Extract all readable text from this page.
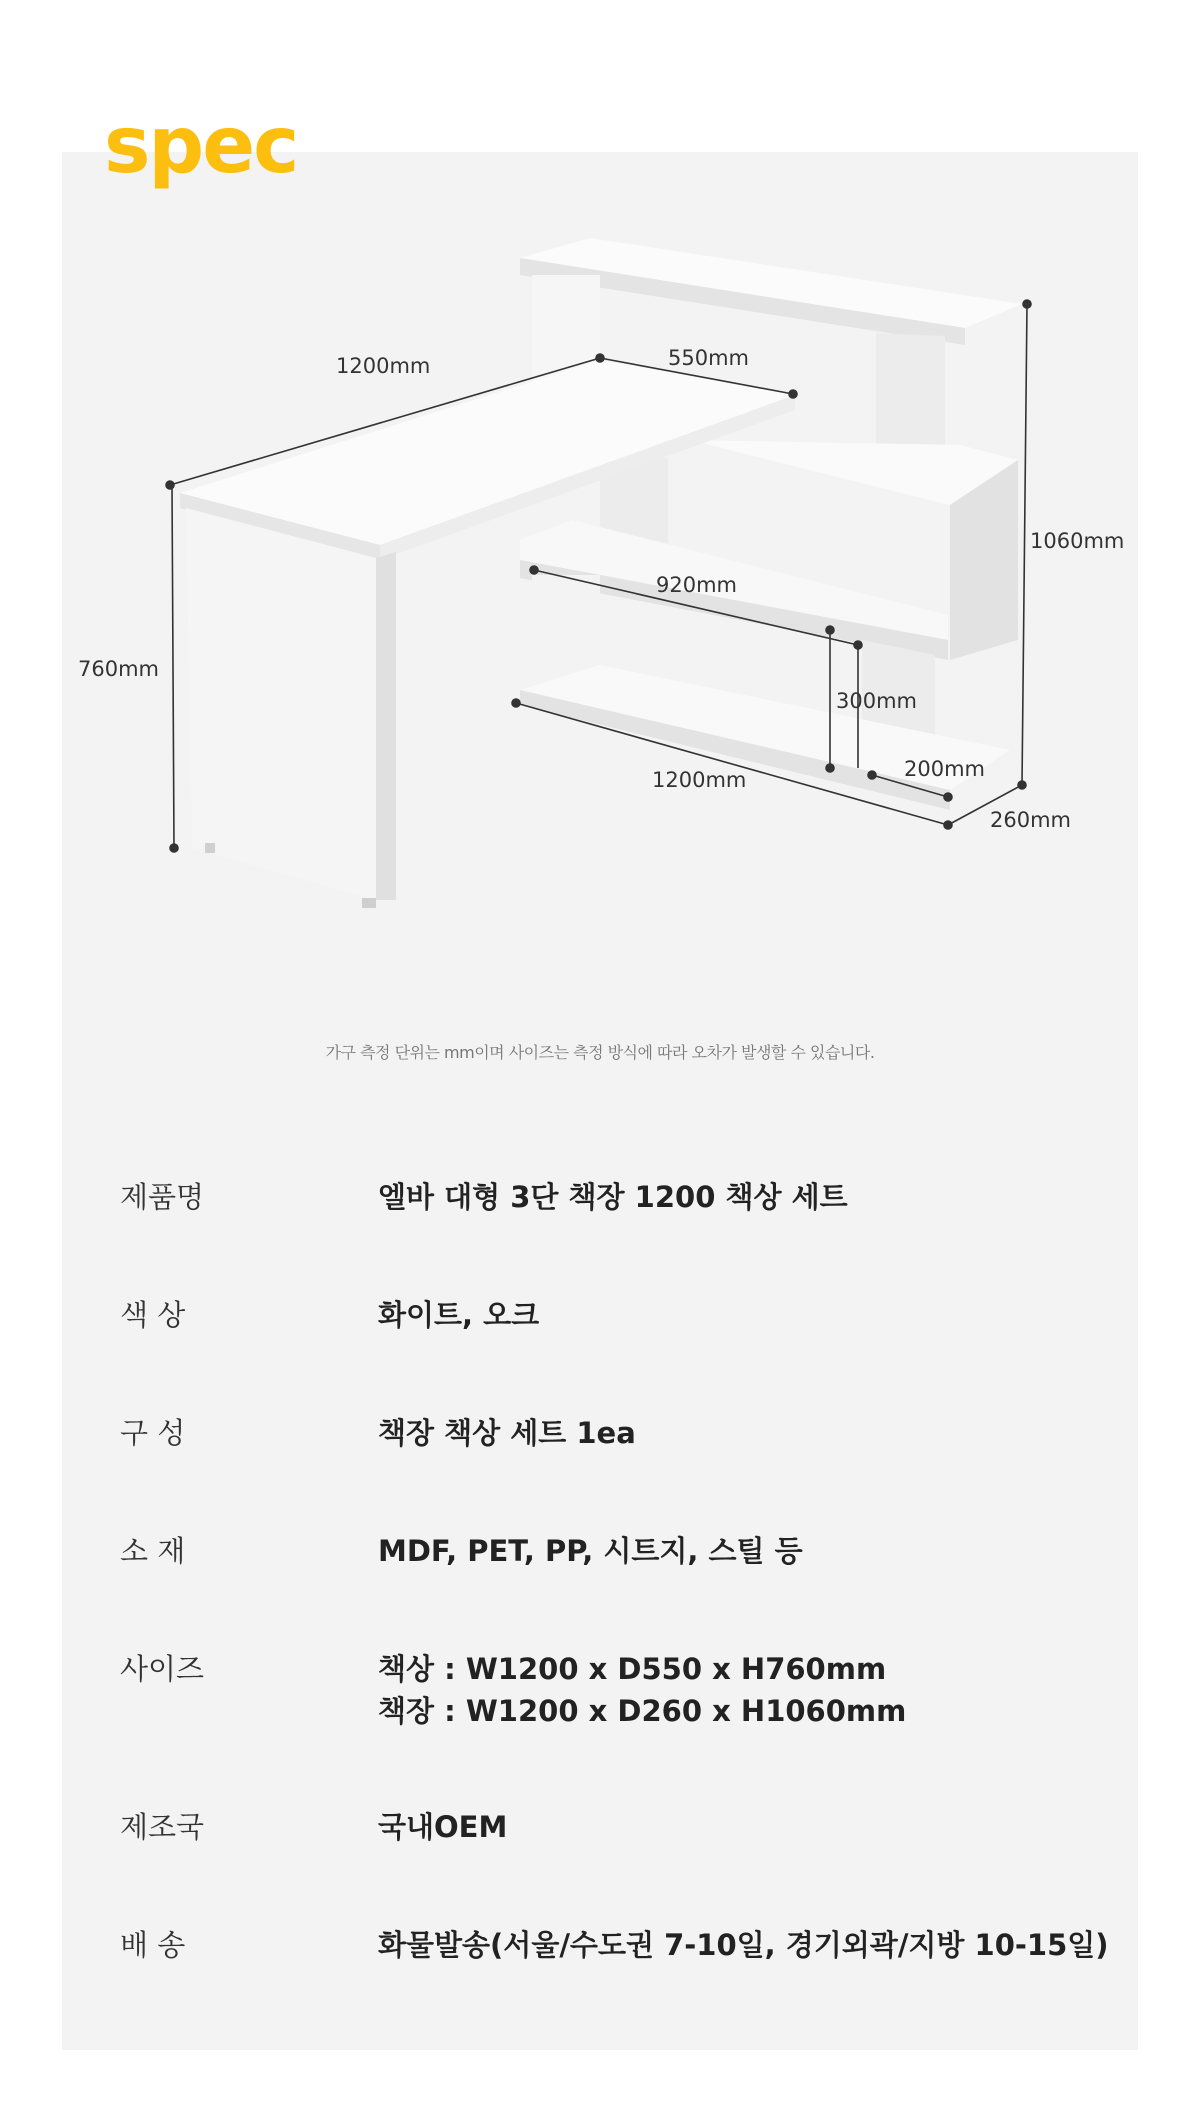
spec
1200mm	550mm
760mm
1060mm
920mm
300mm
1200mm	200mm
260mm
가구 측정 단위는 mm이며 사이즈는 측정 방식에 따라 오차가 발생할 수 있습니다.
제품명	엘바 대형 3단 책장 1200 책상 세트
색 상	화이트, 오크
구 성	책장 책상 세트 1ea
소 재	MDF, PET, PP, 시트지, 스틸 등
사이즈	책상 : W1200 x D550 x H760mm
책장 : W1200 x D260 x H1060mm
제조국	국내OEM
배 송	화물발송(서울/수도권 7-10일, 경기외곽/지방 10-15일)
